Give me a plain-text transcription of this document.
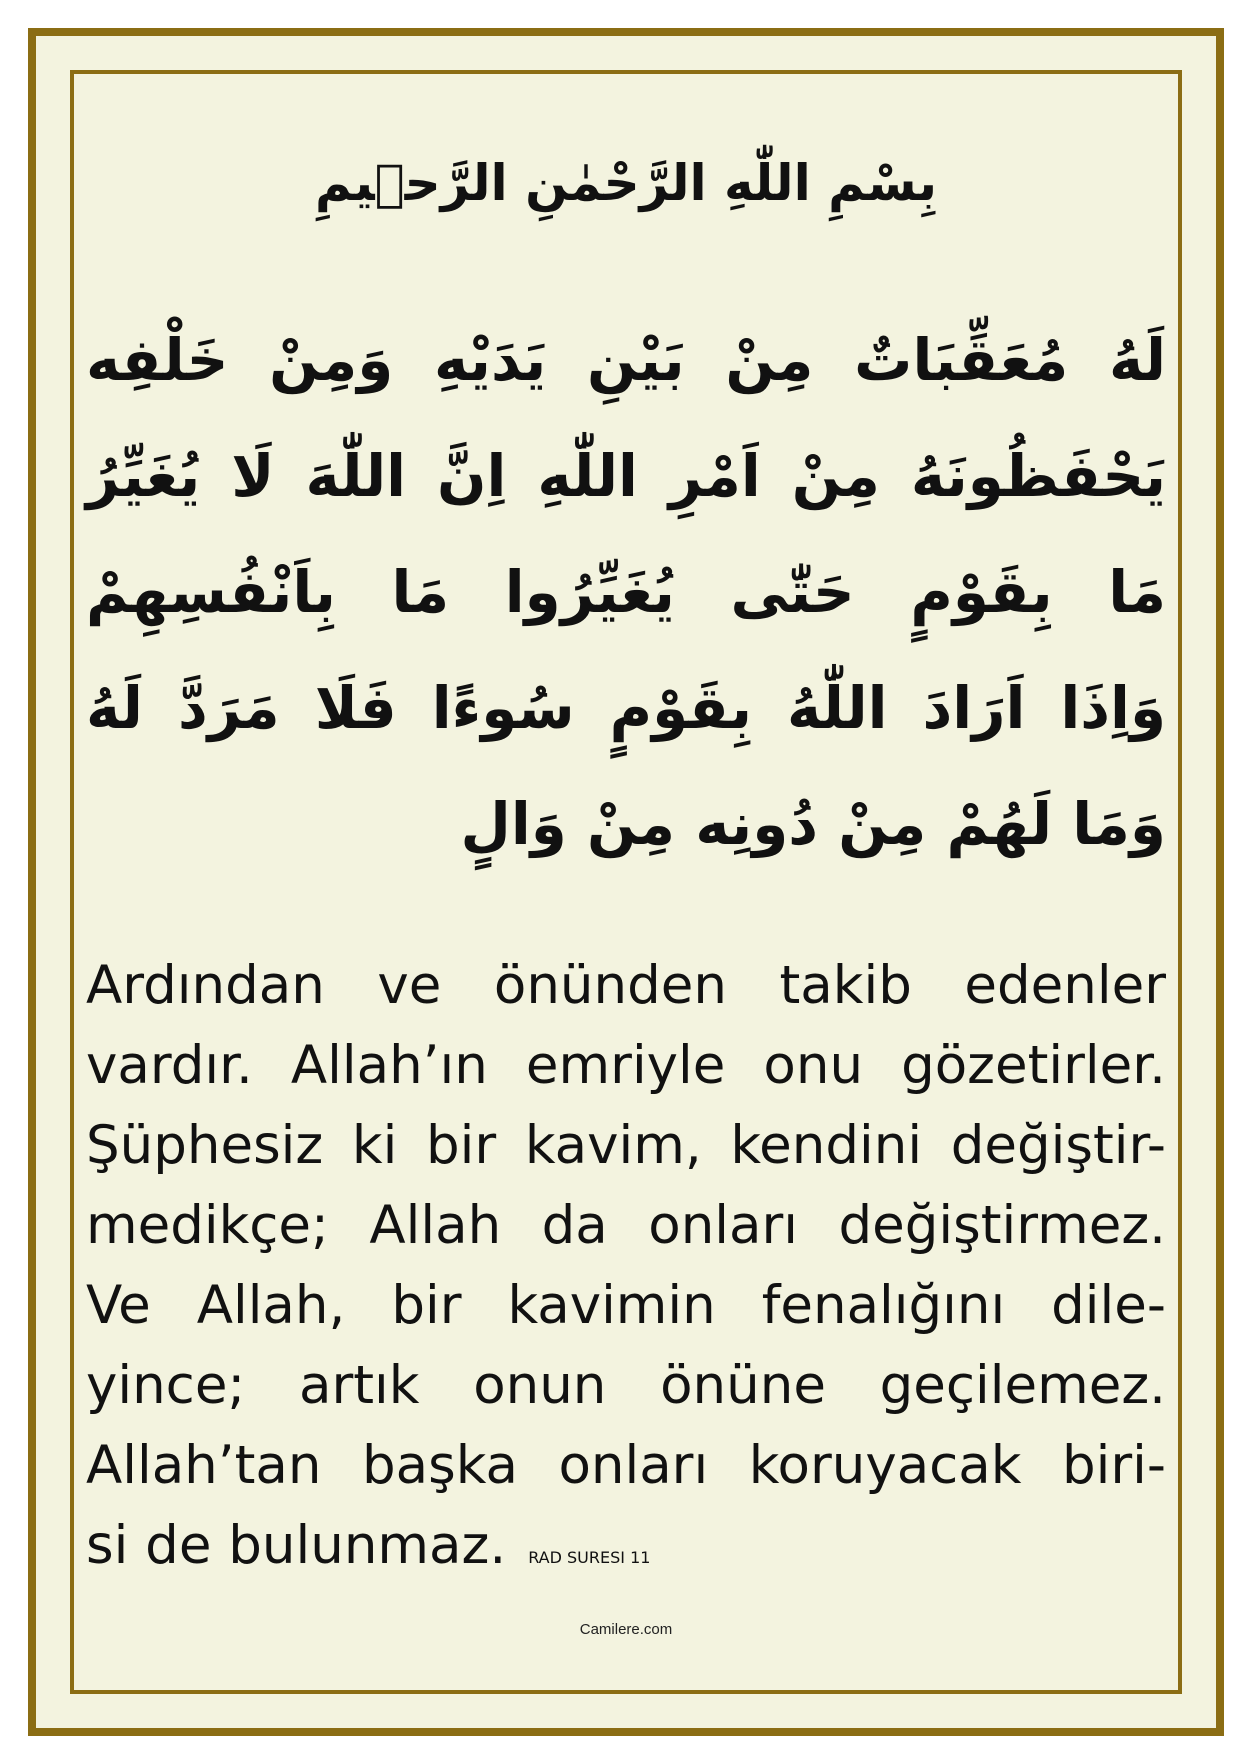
بِسْمِ اللّٰهِ الرَّحْمٰنِ الرَّح۪يمِ
لَهُ مُعَقِّبَاتٌ مِنْ بَيْنِ يَدَيْهِ وَمِنْ خَلْفِه
يَحْفَظُونَهُ مِنْ اَمْرِ اللّٰهِ اِنَّ اللّٰهَ لَا يُغَيِّرُ
مَا بِقَوْمٍ حَتّٰى يُغَيِّرُوا مَا بِاَنْفُسِهِمْ
وَاِذَا اَرَادَ اللّٰهُ بِقَوْمٍ سُوءًا فَلَا مَرَدَّ لَهُ
وَمَا لَهُمْ مِنْ دُونِه مِنْ وَالٍ
Ardından ve önünden takib edenler
vardır. Allah’ın emriyle onu gözetirler.
Şüphesiz ki bir kavim, kendini değiştir-
medikçe; Allah da onları değiştirmez.
Ve Allah, bir kavimin fenalığını dile-
yince; artık onun önüne geçilemez.
Allah’tan başka onları koruyacak biri-
si de bulunmaz. RAD SURESI 11
Camilere.com
